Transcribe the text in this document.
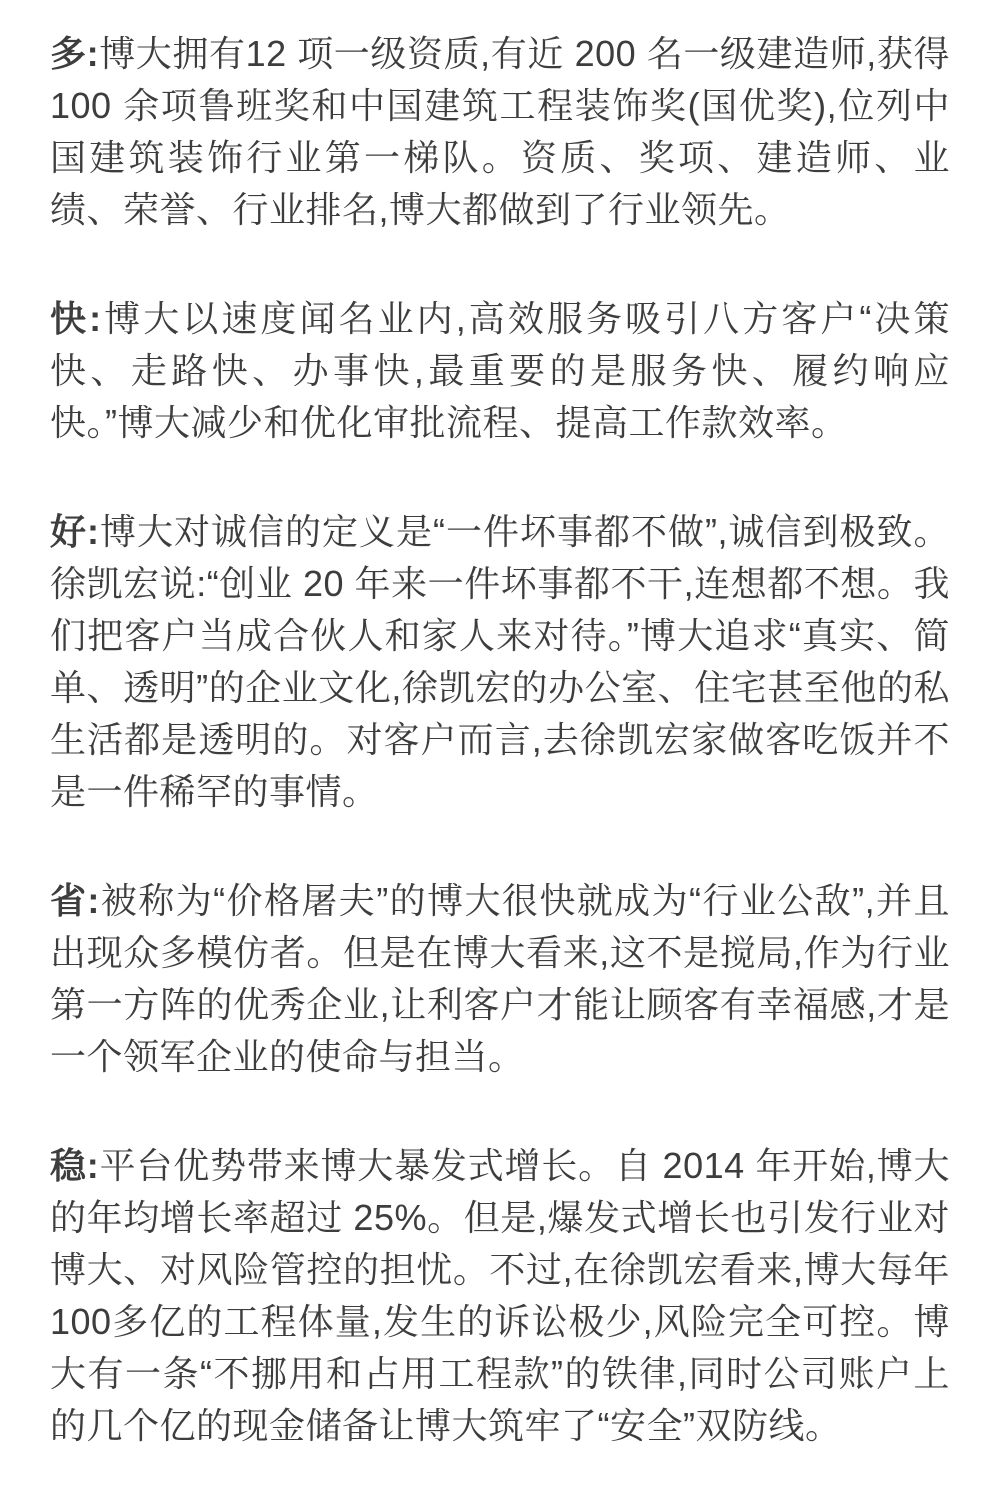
多:博大拥有12 项一级资质,有近 200 名一级建造师,获得100 余项鲁班奖和中国建筑工程装饰奖(国优奖),位列中国建筑装饰行业第一梯队。资质、奖项、建造师、业绩、荣誉、行业排名,博大都做到了行业领先。

快:博大以速度闻名业内,高效服务吸引八方客户“决策快、走路快、办事快,最重要的是服务快、履约响应快。”博大减少和优化审批流程、提高工作款效率。

好:博大对诚信的定义是“一件坏事都不做”,诚信到极致。徐凯宏说:“创业 20 年来一件坏事都不干,连想都不想。我们把客户当成合伙人和家人来对待。”博大追求“真实、简单、透明”的企业文化,徐凯宏的办公室、住宅甚至他的私生活都是透明的。对客户而言,去徐凯宏家做客吃饭并不是一件稀罕的事情。

省:被称为“价格屠夫”的博大很快就成为“行业公敌”,并且出现众多模仿者。但是在博大看来,这不是搅局,作为行业第一方阵的优秀企业,让利客户才能让顾客有幸福感,才是一个领军企业的使命与担当。

稳:平台优势带来博大暴发式增长。自 2014 年开始,博大的年均增长率超过 25%。但是,爆发式增长也引发行业对博大、对风险管控的担忧。不过,在徐凯宏看来,博大每年100多亿的工程体量,发生的诉讼极少,风险完全可控。博大有一条“不挪用和占用工程款”的铁律,同时公司账户上的几个亿的现金储备让博大筑牢了“安全”双防线。
